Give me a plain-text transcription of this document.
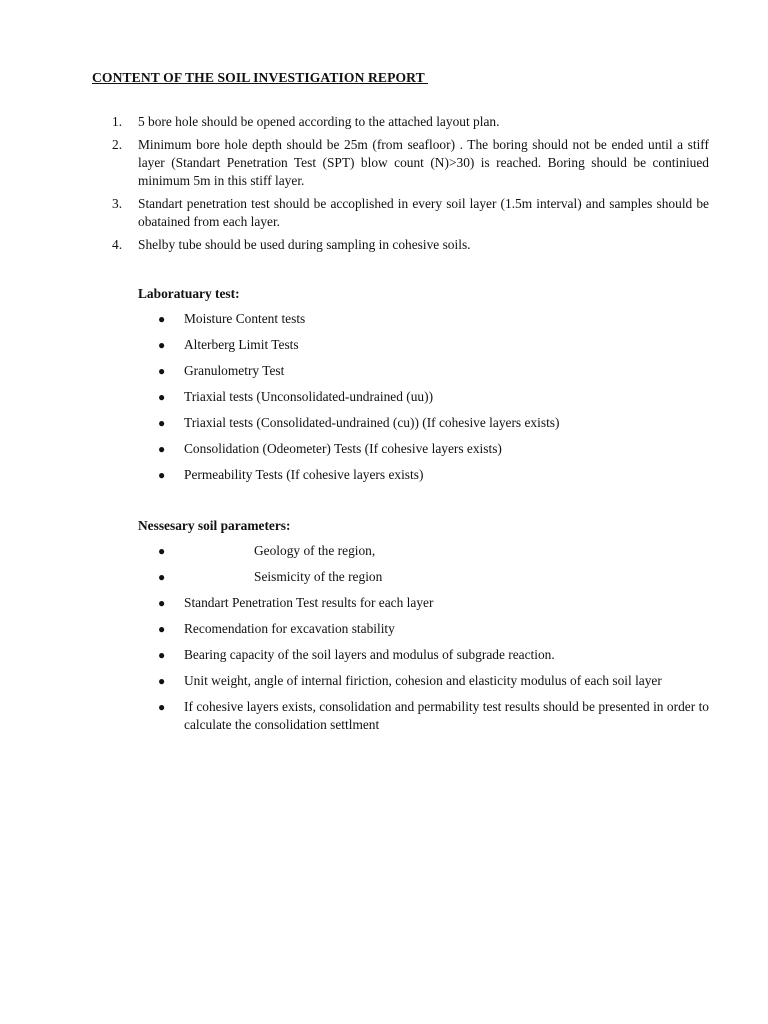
CONTENT OF THE SOIL INVESTIGATION REPORT
1. 5 bore hole should be opened according to the attached layout plan.
2. Minimum bore hole depth should be 25m (from seafloor) . The boring should not be ended until a stiff layer (Standart Penetration Test (SPT) blow count (N)>30) is reached. Boring should be continiued minimum 5m in this stiff layer.
3. Standart penetration test should be accoplished in every soil layer (1.5m interval) and samples should be obatained from each layer.
4. Shelby tube should be used during sampling in cohesive soils.
Laboratuary test:
● Moisture Content tests
● Alterberg Limit Tests
● Granulometry Test
● Triaxial tests (Unconsolidated-undrained (uu))
● Triaxial tests (Consolidated-undrained (cu)) (If cohesive layers exists)
● Consolidation (Odeometer) Tests (If cohesive layers exists)
● Permeability Tests (If cohesive layers exists)
Nessesary soil parameters:
●	Geology of the region,
●	Seismicity of the region
● Standart Penetration Test results for each layer
● Recomendation for excavation stability
● Bearing capacity of the soil layers and modulus of subgrade reaction.
● Unit weight, angle of internal firiction, cohesion and elasticity modulus of each soil layer
● If cohesive layers exists, consolidation and permability test results should be presented in order to calculate the consolidation settlment
